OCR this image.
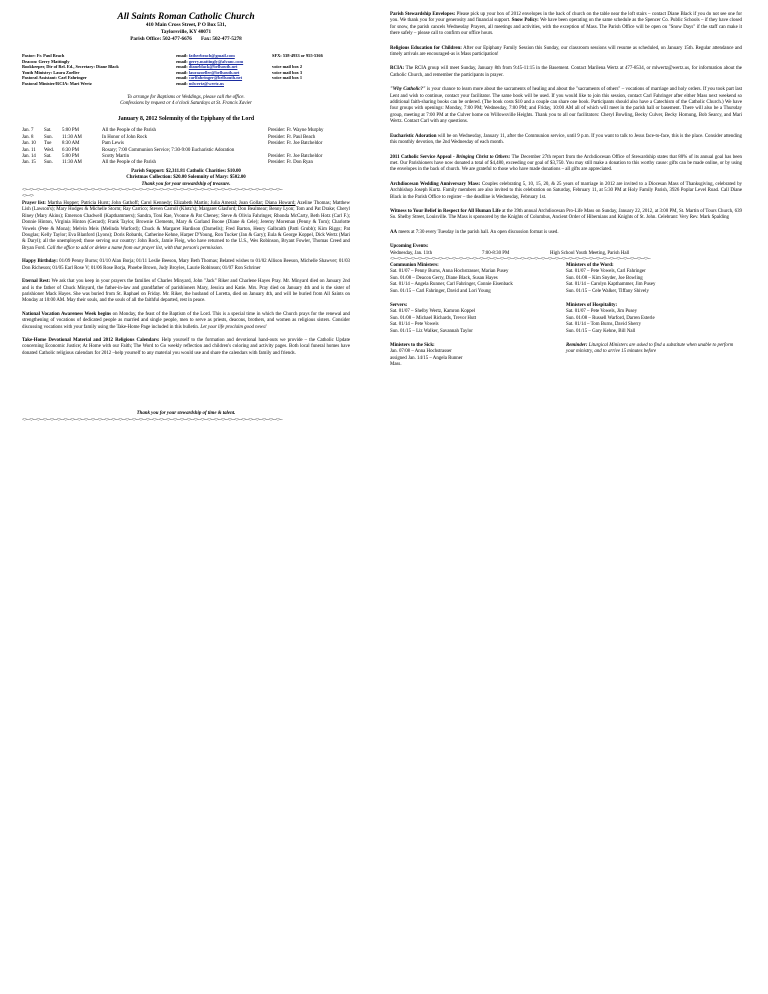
All Saints Roman Catholic Church

410 Main Cross Street, P O Box 531,

Taylorsville, KY 40071

Parish Office: 502-477-6676 Fax: 502-477-5278

Pastor: Fr. Paul Beach	email: fatherbeach@gmail.com	SFX: 538-4933 or 955-5366
Deacon: Gerry Mattingly	email: gerry.mattingly@alvanc.com
Bookkeeper, Dir of Rel. Ed., Secretary: Diane Black	email: dianeblack@bellsouth.net	voice mail box 2
Youth Ministry: Laura Zoeller	email: laurazoeller@bellsouth.net	voice mail box 3
Pastoral Assistant: Carl Fahringer	email: carlfahringer@bellsouth.net	voice mail box 1
Pastoral Minister/RCIA: Mari Wertz	email: mlwertz@wertz.us

To arrange for Baptisms or Weddings, please call the office.

Confessions by request or 4 o'clock Saturdays at St. Francis Xavier

January 8, 2012 Solemnity of the Epiphany of the Lord

Jan. 7	Sat.	5:00 PM	All the People of the Parish	Presider: Fr. Wayne Murphy
Jan. 8	Sun.	11:30 AM	In Honor of John Rock	Presider: Fr. Paul Beach
Jan. 10	Tue	8:30 AM	Pam Lewis	Presider: Fr. Joe Batcheldor
Jan. 11	Wed.	6:30 PM	Rosary; 7:00 Communion Service; 7:30-9:00 Eucharistic Adoration
Jan. 14	Sat.	5:00 PM	Scotty Martin	Presider: Fr. Joe Batcheldor
Jan. 15	Sun.	11:30 AM	All the People of the Parish	Presider: Fr. Don Ryan

Parish Support: $2,311.81 Catholic Charities: $10.00

Christmas Collection: $20.00 Solemnity of Mary: $502.00

Thank you for your stewardship of treasure.

<>~<>~<>~<>~<>~<>~<>~<>~<>~<>~<>~<>~<>~<>~<>~<>~<>~<>~<>~<>~<>~<>~<>~<>~<>~<>~<>~<>~<>~<>~<>~<>~<>~<>~<>~<>~<>~<>~
<>~<>

Prayer list: Martha Hopper; Patricia Hurst; John Gathoff; Carol Kennedy; Elizabeth Martin; Julia Ameral; Joan Gollar; Diana Howard; Azeline Thomas; Matthew Lish (Lawson's); Mary Hodges & Michelle Storm; Ray Carrico; Steven Carroll (Klotz's); Margaret Glasford; Don Bealmear; Benny Lyon; Tom and Pat Drake; Cheryl Riney (Mary Akins); Emerson Chadwell (Kapthammers); Sandra, Toni Rae, Yvonne & Pat Cheney; Steve & Olivia Fahringer, Rhonda McCarty, Beth Hotz (Carl F.); Donnie Hinton, Virginia Hinton (Gerard); Frank Taylor, Brownie Clements, Mary & Garland Boone (Diane & Cele); Jeremy Moreman (Penny & Tom); Charlotte Vowels (Pete & Mona); Melvin Meis (Melinda Warford); Chuck & Margaret Hardison (Darnells); Fred Barton, Henry Galbraith (Patti Grubb); Kim Riggs; Pat Douglas; Kelly Taylor; Eva Blanford (Lyons); Doris Robards, Catherine Kehne, Harper D'Young, Ron Tucker (Jan & Gary); Eula & George Koppel, Dick Wertz (Mari & Daryl); all the unemployed; those serving our country: John Rock, Jamie Fleig, who have returned to the U.S., Wes Robinson, Bryant Fowler, Thomas Creed and Bryan Ford. Call the office to add or delete a name from our prayer list, with that person's permission.

Happy Birthday: 01/09 Penny Burns; 01/10 Alan Borja; 01/11 Leslie Beeson, Mary Beth Thomas; Belated wishes to 01/02 Allison Beeson, Michelle Shawver; 01/03 Don Richeson; 01/05 Earl Rose V; 01/06 Rose Borja, Phoebe Brown, Judy Broyles, Laurie Robinson; 01/07 Ron Schriner

Eternal Rest: We ask that you keep in your prayers the families of Charles Minyard, John "Jack" Riker and Charlene Hayes Pray. Mr. Minyard died on January 2nd and is the father of Chuck Minyard, the father-in-law and grandfather of parishioners Mary, Jessica and Katie. Mrs. Pray died on January 4th and is the sister of parishioner Mack Hayes. She was buried from St. Raphael on Friday. Mr. Riker, the husband of Loretta, died on January 4th, and will be buried from All Saints on Monday at 10:00 AM. May their souls, and the souls of all the faithful departed, rest in peace.

National Vocation Awareness Week begins on Monday, the feast of the Baptism of the Lord. This is a special time in which the Church prays for the renewal and strengthening of vocations of dedicated people as married and single people, men to serve as priests, deacons, brothers, and women as religious sisters. Consider discussing vocations with your family using the Take-Home Page included in this bulletin. Let your life proclaim good news!

Take-Home Devotional Material and 2012 Religious Calendars: Help yourself to the formation and devotional hand-outs we provide – the Catholic Update concerning Economic Justice; At Home with our Faith; The Word to Go weekly reflection and children's coloring and activity pages. Both local funeral homes have donated Catholic religious calendars for 2012 –help yourself to any material you would use and share the calendars with family and friends.

Thank you for your stewardship of time & talent.

<>~<>~<>~<>~<>~<>~<>~<>~<>~<>~<>~<>~<>~<>~<>~<>~<>~<>~<>~<>~<>~<>~<>~<>~<>~<>~<>~<>~<>~<>~<>~<>~<>~<>~<>~<>~<>~<>~

Parish Stewardship Envelopes: Please pick up your box of 2012 envelopes in the back of church on the table near the loft stairs – contact Diane Black if you do not see one for you. We thank you for your generosity and financial support. Snow Policy: We have been operating on the same schedule as the Spencer Co. Public Schools – if they have closed for snow, the parish cancels Wednesday Prayers, all meetings and activities, with the exception of Mass. The Parish Office will be open on "Snow Days" if the staff can make it there safely – please call to confirm our office hours.

Religious Education for Children: After our Epiphany Family Session this Sunday, our classroom sessions will resume as scheduled, on January 15th. Regular attendance and timely arrivals are encouraged-as is Mass participation!

RCIA: The RCIA group will meet Sunday, January 8th from 9:45-11:15 in the Basement. Contact Marilena Wertz at 477-8534, or mlwertz@wertz.us, for information about the Catholic Church, and remember the participants in prayer.

"Why Catholic?" is your chance to learn more about the sacraments of healing and about the "sacraments of others" – vocations of marriage and holy orders. If you took part last Lent and wish to continue, contact your facilitator. The same book will be used. If you would like to join this session, contact Carl Fahringer after either Mass next weekend so additional faith-sharing books can be ordered. (The book costs $10 and a couple can share one book. Participants should also have a Catechism of the Catholic Church.) We have four groups with openings: Monday, 7:00 PM; Wednesday, 7:00 PM; and Friday, 10:00 AM all of which will meet in the parish hall or basement. There will also be a Thursday group, meeting at 7:00 PM at the Culver home on Willowsville Heights. Thank you to all our facilitators: Cheryl Bowling, Becky Culver, Becky Hornung, Bob Searcy, and Mari Wertz. Contact Carl with any questions.

Eucharistic Adoration will be on Wednesday, January 11, after the Communion service, until 9 p.m. If you want to talk to Jesus face-to-face, this is the place. Consider attending this monthly devotion, the 2nd Wednesday of each month.

2011 Catholic Service Appeal - Bringing Christ to Others: The December 27th report from the Archdiocesan Office of Stewardship states that 80% of its annual goal has been met. Our Parishioners have now donated a total of $4,480, exceeding our goal of $3,750. You may still make a donation to this worthy cause: gifts can be made online, or by using the envelopes in the back of church. We are grateful to those who have made donations – all gifts are appreciated.

Archdiocesan Wedding Anniversary Mass: Couples celebrating 5, 10, 15, 20, & 25 years of marriage in 2012 are invited to a Diocesan Mass of Thanksgiving, celebrated by Archbishop Joseph Kurtz. Family members are also invited to this celebration on Saturday, February 11, at 5:30 PM at Holy Family Parish, 3926 Poplar Level Road. Call Diane Black in the Parish Office to register – the deadline is Wednesday, February 1st.

Witness to Your Belief in Respect for All Human Life at the 39th annual Archdiocesan Pro-Life Mass on Sunday, January 22, 2012, at 3:00 PM, St. Martin of Tours Church, 639 So. Shelby Street, Louisville. The Mass is sponsored by the Knights of Columbus, Ancient Order of Hibernians and Knights of St. John. Celebrant: Very Rev. Mark Spalding

AA meets at 7:30 every Tuesday in the parish hall. An open discussion format is used.

Upcoming Events:

Wednesday, Jan. 11th	7:00-8:30 PM	High School Youth Meeting, Parish Hall
<>~<>~<>~<>~<>~<>~<>~<>~<>~<>~<>~<>~<>~<>~<>~<>~<>~<>~<>~<>~<>~<>~<>~<>~<>~<>~<>~<>~<>~<>~<>~<>~<>~<>~<>~<>~<>~<>~
Communion Ministers:
Sat. 01/07 – Penny Burns, Anna Hochstrasser, Marian Pusey
Sun. 01/08 – Deacon Gerry, Diane Black, Susan Hayes
Sat. 01/14 – Angela Runner, Carl Fahringer, Connie Eisenback
Sun. 01/15 – Carl Fahringer, David and Lori Young
Ministers of the Word:
Sat. 01/07 – Pete Vowels, Carl Fahringer
Sun. 01/08 – Kim Snyder, Joe Bowling
Sat. 01/14 – Carolyn Kapthammer, Jim Pusey
Sun. 01/15 – Cele Walker, Tiffany Shively
Servers:
Sat. 01/07 – Shelby Wertz, Kamron Koppel
Sun. 01/08 – Michael Richards, Trevor Hutt
Sat. 01/14 – Pete Vowels
Sun. 01/15 – Liz Walker, Savannah Taylor
Ministers of Hospitality:
Sat. 01/07 – Pete Vowels, Jim Pusey
Sun. 01/08 – Russell Warford, Darren Esterle
Sat. 01/14 – Tom Burns, David Sherry
Sun. 01/15 – Gary Kehne, Bill Nall
Ministers to the Sick:
Jan. 07/08 – Anna Hochstrasser
assigned Jan. 14/15 – Angela Runner
Mass.
Reminder: Liturgical Ministers are asked to find a substitute when unable to perform your ministry, and to arrive 15 minutes before
